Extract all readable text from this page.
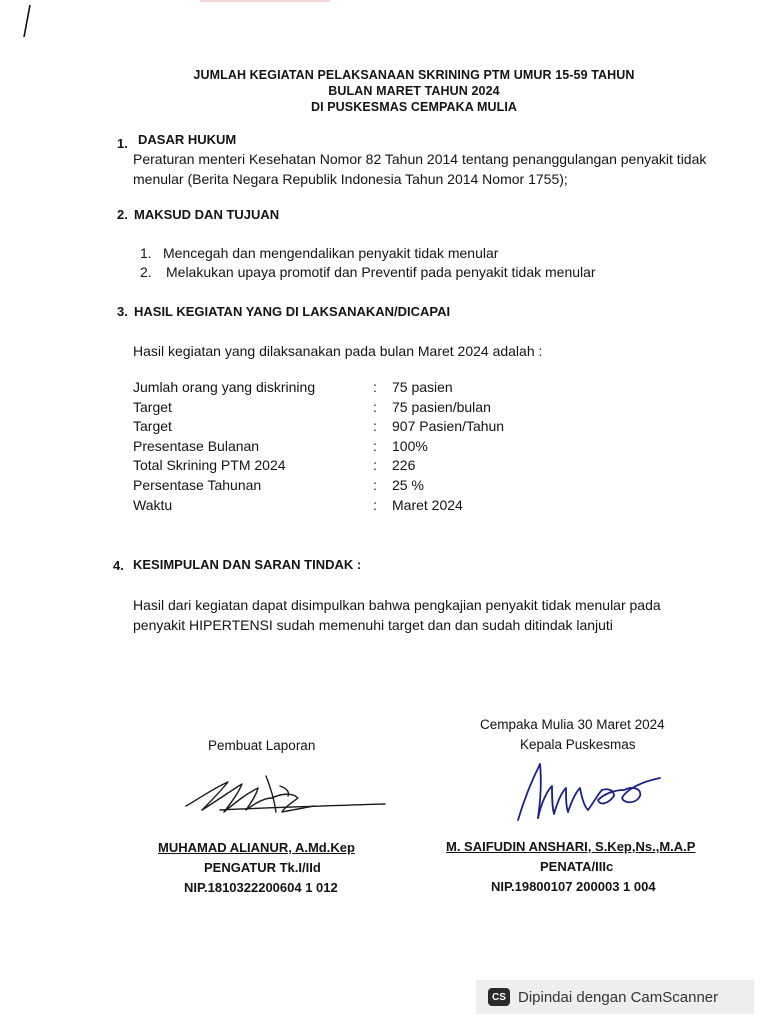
JUMLAH KEGIATAN PELAKSANAAN SKRINING PTM UMUR 15-59 TAHUN
BULAN MARET TAHUN 2024
DI PUSKESMAS CEMPAKA MULIA
1. DASAR HUKUM
Peraturan menteri Kesehatan Nomor 82 Tahun 2014 tentang penanggulangan penyakit tidak
menular (Berita Negara Republik Indonesia Tahun 2014 Nomor 1755);
2. MAKSUD DAN TUJUAN
1. Mencegah dan mengendalikan penyakit tidak menular
2. Melakukan upaya promotif dan Preventif pada penyakit tidak menular
3. HASIL KEGIATAN YANG DI LAKSANAKAN/DICAPAI
Hasil kegiatan yang dilaksanakan pada bulan Maret 2024 adalah :
Jumlah orang yang diskrining	: 75 pasien
Target	: 75 pasien/bulan
Target	: 907 Pasien/Tahun
Presentase Bulanan	: 100%
Total Skrining PTM 2024	: 226
Persentase Tahunan	: 25 %
Waktu	: Maret 2024
4. KESIMPULAN DAN SARAN TINDAK :
Hasil dari kegiatan dapat disimpulkan bahwa pengkajian penyakit tidak menular pada
penyakit HIPERTENSI sudah memenuhi target dan dan sudah ditindak lanjuti
Pembuat Laporan
Cempaka Mulia 30 Maret 2024
Kepala Puskesmas
MUHAMAD ALIANUR, A.Md.Kep
PENGATUR Tk.I/IId
NIP.1810322200604 1 012
M. SAIFUDIN ANSHARI, S.Kep,Ns.,M.A.P
PENATA/IIIc
NIP.19800107 200003 1 004
CS Dipindai dengan CamScanner
